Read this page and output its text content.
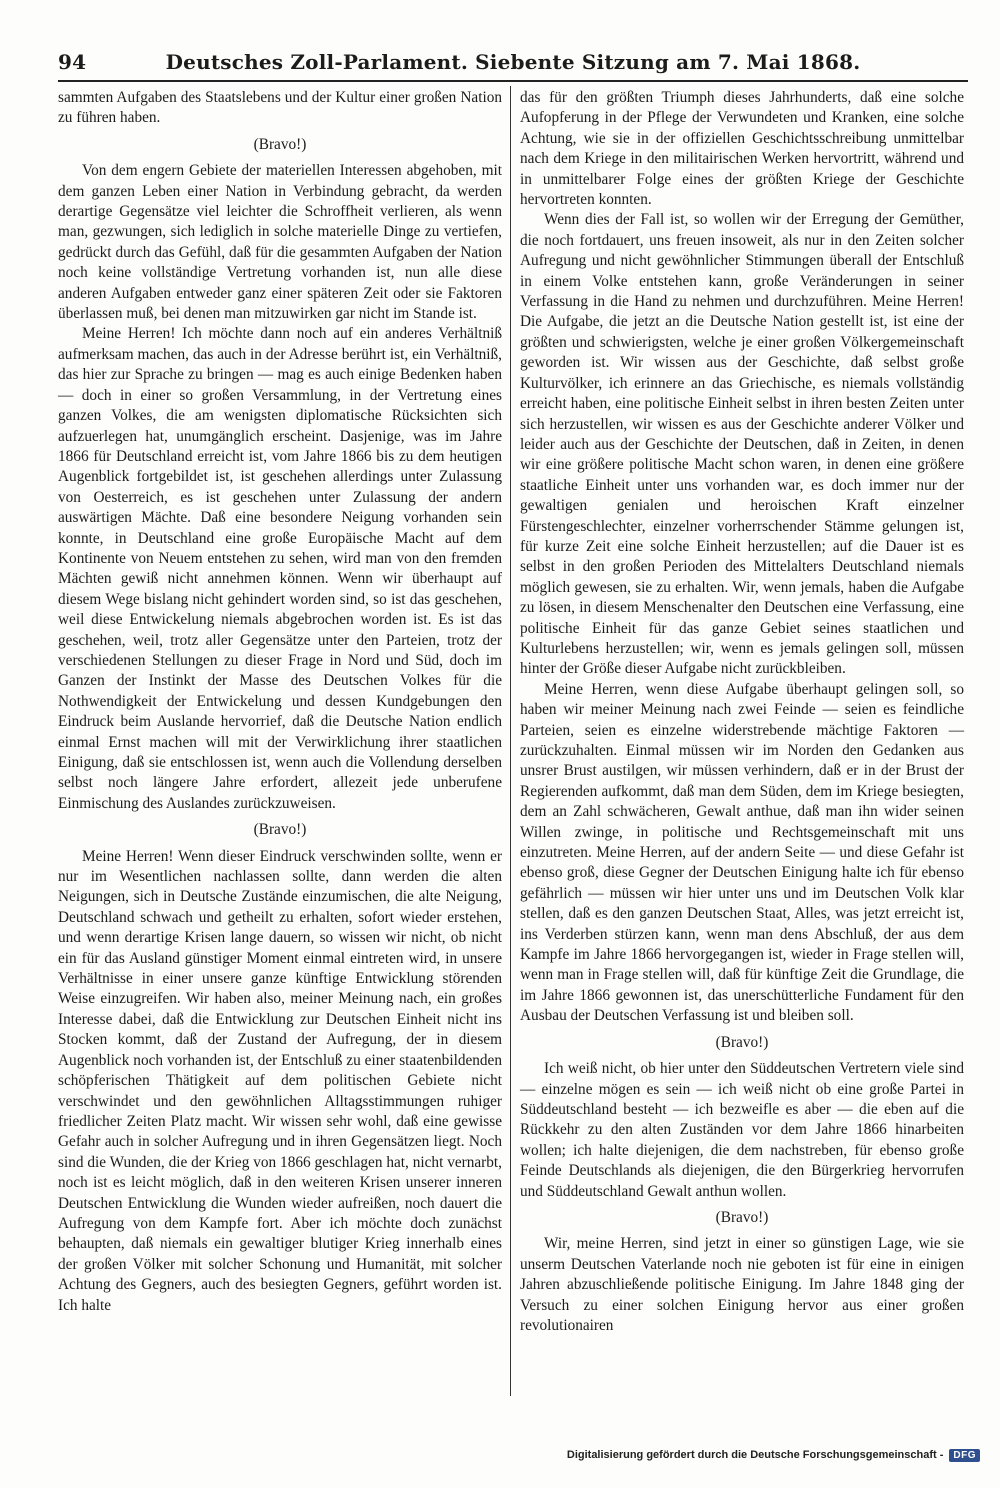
94	Deutsches Zoll-Parlament. Siebente Sitzung am 7. Mai 1868.

sammten Aufgaben des Staatslebens und der Kultur einer großen Nation zu führen haben.

(Bravo!)

Von dem engern Gebiete der materiellen Interessen abgehoben, mit dem ganzen Leben einer Nation in Verbindung gebracht, da werden derartige Gegensätze viel leichter die Schroffheit verlieren, als wenn man, gezwungen, sich lediglich in solche materielle Dinge zu vertiefen, gedrückt durch das Gefühl, daß für die gesammten Aufgaben der Nation noch keine vollständige Vertretung vorhanden ist, nun alle diese anderen Aufgaben entweder ganz einer späteren Zeit oder sie Faktoren überlassen muß, bei denen man mitzuwirken gar nicht im Stande ist.

Meine Herren! Ich möchte dann noch auf ein anderes Verhältniß aufmerksam machen, das auch in der Adresse berührt ist, ein Verhältniß, das hier zur Sprache zu bringen — mag es auch einige Bedenken haben — doch in einer so großen Versammlung, in der Vertretung eines ganzen Volkes, die am wenigsten diplomatische Rücksichten sich aufzuerlegen hat, unumgänglich erscheint. Dasjenige, was im Jahre 1866 für Deutschland erreicht ist, vom Jahre 1866 bis zu dem heutigen Augenblick fortgebildet ist, ist geschehen allerdings unter Zulassung von Oesterreich, es ist geschehen unter Zulassung der andern auswärtigen Mächte. Daß eine besondere Neigung vorhanden sein konnte, in Deutschland eine große Europäische Macht auf dem Kontinente von Neuem entstehen zu sehen, wird man von den fremden Mächten gewiß nicht annehmen können. Wenn wir überhaupt auf diesem Wege bislang nicht gehindert worden sind, so ist das geschehen, weil diese Entwickelung niemals abgebrochen worden ist. Es ist das geschehen, weil, trotz aller Gegensätze unter den Parteien, trotz der verschiedenen Stellungen zu dieser Frage in Nord und Süd, doch im Ganzen der Instinkt der Masse des Deutschen Volkes für die Nothwendigkeit der Entwickelung und dessen Kundgebungen den Eindruck beim Auslande hervorrief, daß die Deutsche Nation endlich einmal Ernst machen will mit der Verwirklichung ihrer staatlichen Einigung, daß sie entschlossen ist, wenn auch die Vollendung derselben selbst noch längere Jahre erfordert, allezeit jede unberufene Einmischung des Auslandes zurückzuweisen.

(Bravo!)

Meine Herren! Wenn dieser Eindruck verschwinden sollte, wenn er nur im Wesentlichen nachlassen sollte, dann werden die alten Neigungen, sich in Deutsche Zustände einzumischen, die alte Neigung, Deutschland schwach und getheilt zu erhalten, sofort wieder erstehen, und wenn derartige Krisen lange dauern, so wissen wir nicht, ob nicht ein für das Ausland günstiger Moment einmal eintreten wird, in unsere Verhältnisse in einer unsere ganze künftige Entwicklung störenden Weise einzugreifen. Wir haben also, meiner Meinung nach, ein großes Interesse dabei, daß die Entwicklung zur Deutschen Einheit nicht ins Stocken kommt, daß der Zustand der Aufregung, der in diesem Augenblick noch vorhanden ist, der Entschluß zu einer staatenbildenden schöpferischen Thätigkeit auf dem politischen Gebiete nicht verschwindet und den gewöhnlichen Alltagsstimmungen ruhiger friedlicher Zeiten Platz macht. Wir wissen sehr wohl, daß eine gewisse Gefahr auch in solcher Aufregung und in ihren Gegensätzen liegt. Noch sind die Wunden, die der Krieg von 1866 geschlagen hat, nicht vernarbt, noch ist es leicht möglich, daß in den weiteren Krisen unserer inneren Deutschen Entwicklung die Wunden wieder aufreißen, noch dauert die Aufregung von dem Kampfe fort. Aber ich möchte doch zunächst behaupten, daß niemals ein gewaltiger blutiger Krieg innerhalb eines der großen Völker mit solcher Schonung und Humanität, mit solcher Achtung des Gegners, auch des besiegten Gegners, geführt worden ist. Ich halte

das für den größten Triumph dieses Jahrhunderts, daß eine solche Aufopferung in der Pflege der Verwundeten und Kranken, eine solche Achtung, wie sie in der offiziellen Geschichtsschreibung unmittelbar nach dem Kriege in den militairischen Werken hervortritt, während und in unmittelbarer Folge eines der größten Kriege der Geschichte hervortreten konnten.

Wenn dies der Fall ist, so wollen wir der Erregung der Gemüther, die noch fortdauert, uns freuen insoweit, als nur in den Zeiten solcher Aufregung und nicht gewöhnlicher Stimmungen überall der Entschluß in einem Volke entstehen kann, große Veränderungen in seiner Verfassung in die Hand zu nehmen und durchzuführen. Meine Herren! Die Aufgabe, die jetzt an die Deutsche Nation gestellt ist, ist eine der größten und schwierigsten, welche je einer großen Völkergemeinschaft geworden ist. Wir wissen aus der Geschichte, daß selbst große Kulturvölker, ich erinnere an das Griechische, es niemals vollständig erreicht haben, eine politische Einheit selbst in ihren besten Zeiten unter sich herzustellen, wir wissen es aus der Geschichte anderer Völker und leider auch aus der Geschichte der Deutschen, daß in Zeiten, in denen wir eine größere politische Macht schon waren, in denen eine größere staatliche Einheit unter uns vorhanden war, es doch immer nur der gewaltigen genialen und heroischen Kraft einzelner Fürstengeschlechter, einzelner vorherrschender Stämme gelungen ist, für kurze Zeit eine solche Einheit herzustellen; auf die Dauer ist es selbst in den großen Perioden des Mittelalters Deutschland niemals möglich gewesen, sie zu erhalten. Wir, wenn jemals, haben die Aufgabe zu lösen, in diesem Menschenalter den Deutschen eine Verfassung, eine politische Einheit für das ganze Gebiet seines staatlichen und Kulturlebens herzustellen; wir, wenn es jemals gelingen soll, müssen hinter der Größe dieser Aufgabe nicht zurückbleiben.

Meine Herren, wenn diese Aufgabe überhaupt gelingen soll, so haben wir meiner Meinung nach zwei Feinde — seien es feindliche Parteien, seien es einzelne widerstrebende mächtige Faktoren — zurückzuhalten. Einmal müssen wir im Norden den Gedanken aus unsrer Brust austilgen, wir müssen verhindern, daß er in der Brust der Regierenden aufkommt, daß man dem Süden, dem im Kriege besiegten, dem an Zahl schwächeren, Gewalt anthue, daß man ihn wider seinen Willen zwinge, in politische und Rechtsgemeinschaft mit uns einzutreten. Meine Herren, auf der andern Seite — und diese Gefahr ist ebenso groß, diese Gegner der Deutschen Einigung halte ich für ebenso gefährlich — müssen wir hier unter uns und im Deutschen Volk klar stellen, daß es den ganzen Deutschen Staat, Alles, was jetzt erreicht ist, ins Verderben stürzen kann, wenn man dens Abschluß, der aus dem Kampfe im Jahre 1866 hervorgegangen ist, wieder in Frage stellen will, wenn man in Frage stellen will, daß für künftige Zeit die Grundlage, die im Jahre 1866 gewonnen ist, das unerschütterliche Fundament für den Ausbau der Deutschen Verfassung ist und bleiben soll.

(Bravo!)

Ich weiß nicht, ob hier unter den Süddeutschen Vertretern viele sind — einzelne mögen es sein — ich weiß nicht ob eine große Partei in Süddeutschland besteht — ich bezweifle es aber — die eben auf die Rückkehr zu den alten Zuständen vor dem Jahre 1866 hinarbeiten wollen; ich halte diejenigen, die dem nachstreben, für ebenso große Feinde Deutschlands als diejenigen, die den Bürgerkrieg hervorrufen und Süddeutschland Gewalt anthun wollen.

(Bravo!)

Wir, meine Herren, sind jetzt in einer so günstigen Lage, wie sie unserm Deutschen Vaterlande noch nie geboten ist für eine in einigen Jahren abzuschließende politische Einigung. Im Jahre 1848 ging der Versuch zu einer solchen Einigung hervor aus einer großen revolutionairen

Digitalisierung gefördert durch die Deutsche Forschungsgemeinschaft -	DFG
